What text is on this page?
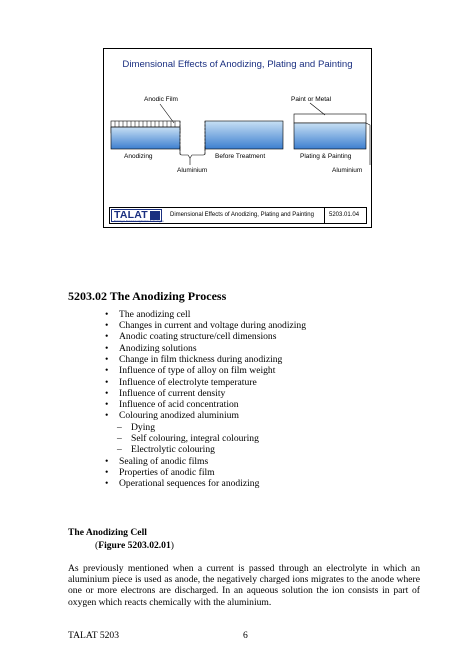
Dimensional Effects of Anodizing, Plating and Painting
Anodic Film	Paint or Metal
Anodizing	Before Treatment	Plating & Painting
Aluminium	Aluminium
TALAT
Training in Aluminium Application Technologies
Dimensional Effects of Anodizing, Plating and Painting	5203.01.04
5203.02 The Anodizing Process
• The anodizing cell
• Changes in current and voltage during anodizing
• Anodic coating structure/cell dimensions
• Anodizing solutions
• Change in film thickness during anodizing
• Influence of type of alloy on film weight
• Influence of electrolyte temperature
• Influence of current density
• Influence of acid concentration
• Colouring anodized aluminium
– Dying
– Self colouring, integral colouring
– Electrolytic colouring
• Sealing of anodic films
• Properties of anodic film
• Operational sequences for anodizing
The Anodizing Cell
(Figure 5203.02.01)
As previously mentioned when a current is passed through an electrolyte in which an aluminium piece is used as anode, the negatively charged ions migrates to the anode where one or more electrons are discharged. In an aqueous solution the ion consists in part of oxygen which reacts chemically with the aluminium.
TALAT 5203	6
